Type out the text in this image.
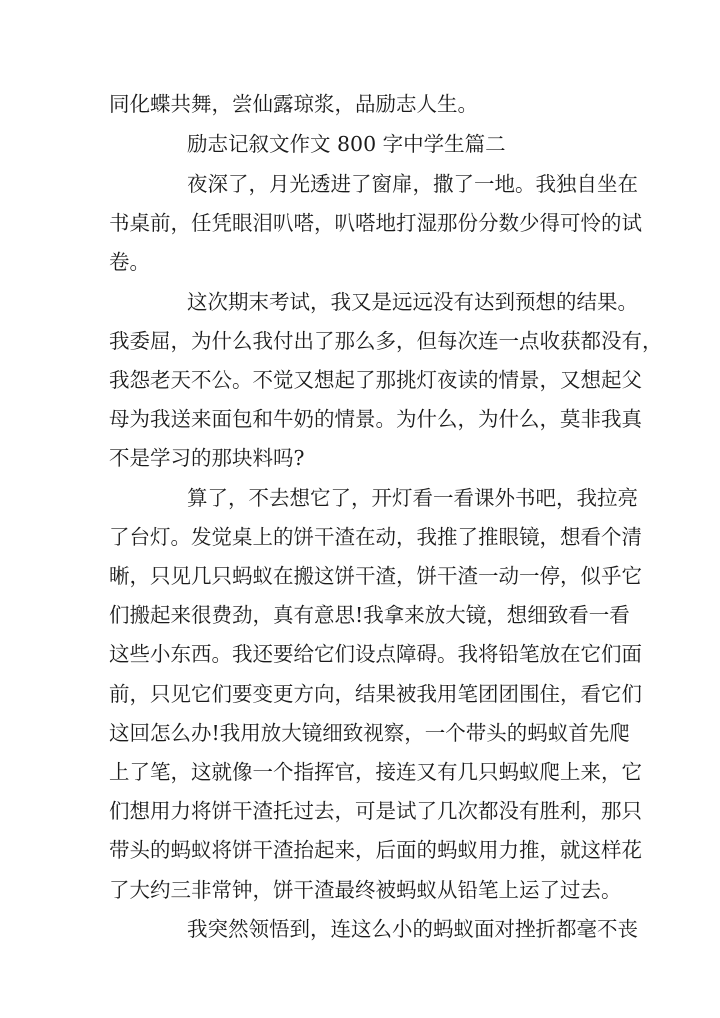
同化蝶共舞，尝仙露琼浆，品励志人生。
励志记叙文作文 800 字中学生篇二
夜深了，月光透进了窗扉，撒了一地。我独自坐在
书桌前，任凭眼泪叭嗒，叭嗒地打湿那份分数少得可怜的试
卷。
这次期末考试，我又是远远没有达到预想的结果。
我委屈，为什么我付出了那么多，但每次连一点收获都没有，
我怨老天不公。不觉又想起了那挑灯夜读的情景，又想起父
母为我送来面包和牛奶的情景。为什么，为什么，莫非我真
不是学习的那块料吗?
算了，不去想它了，开灯看一看课外书吧，我拉亮
了台灯。发觉桌上的饼干渣在动，我推了推眼镜，想看个清
晰，只见几只蚂蚁在搬这饼干渣，饼干渣一动一停，似乎它
们搬起来很费劲，真有意思!我拿来放大镜，想细致看一看
这些小东西。我还要给它们设点障碍。我将铅笔放在它们面
前，只见它们要变更方向，结果被我用笔团团围住，看它们
这回怎么办!我用放大镜细致视察，一个带头的蚂蚁首先爬
上了笔，这就像一个指挥官，接连又有几只蚂蚁爬上来，它
们想用力将饼干渣托过去，可是试了几次都没有胜利，那只
带头的蚂蚁将饼干渣抬起来，后面的蚂蚁用力推，就这样花
了大约三非常钟，饼干渣最终被蚂蚁从铅笔上运了过去。
我突然领悟到，连这么小的蚂蚁面对挫折都毫不丧
